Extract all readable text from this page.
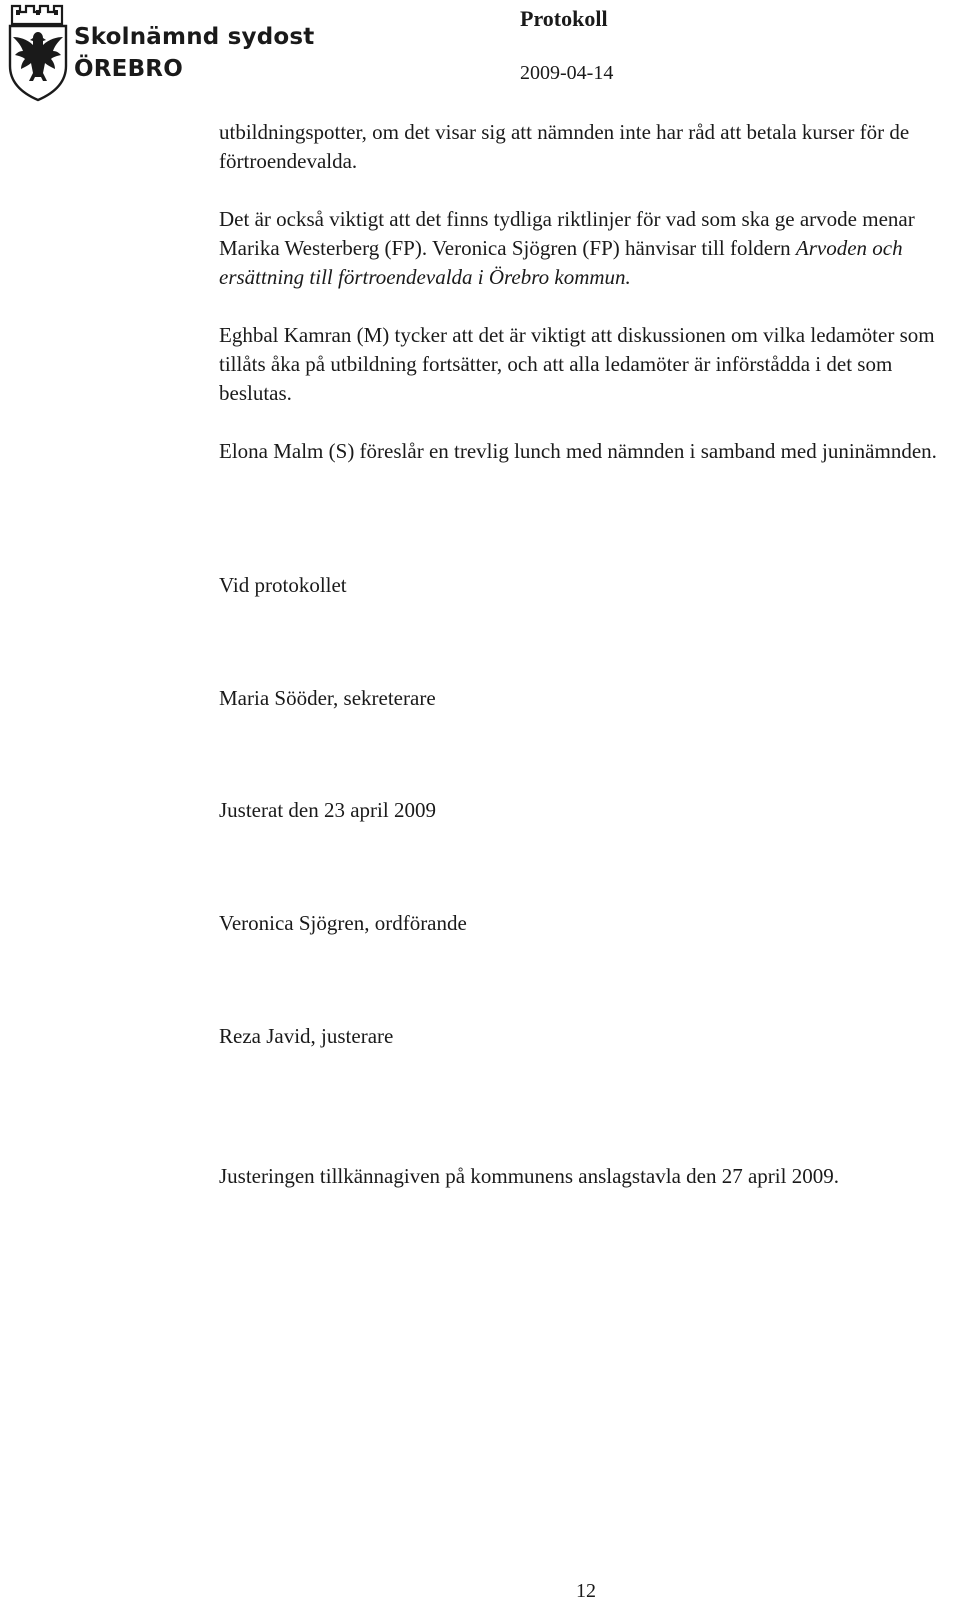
Skolnämnd sydost
ÖREBRO
Protokoll
2009-04-14

utbildningspotter, om det visar sig att nämnden inte har råd att betala kurser för de förtroendevalda.

Det är också viktigt att det finns tydliga riktlinjer för vad som ska ge arvode menar Marika Westerberg (FP). Veronica Sjögren (FP) hänvisar till foldern Arvoden och ersättning till förtroendevalda i Örebro kommun.

Eghbal Kamran (M) tycker att det är viktigt att diskussionen om vilka ledamöter som tillåts åka på utbildning fortsätter, och att alla ledamöter är införstådda i det som beslutas.

Elona Malm (S) föreslår en trevlig lunch med nämnden i samband med juninämnden.

Vid protokollet
Maria Sööder, sekreterare
Justerat den 23 april 2009
Veronica Sjögren, ordförande
Reza Javid, justerare
Justeringen tillkännagiven på kommunens anslagstavla den 27 april 2009.
12
